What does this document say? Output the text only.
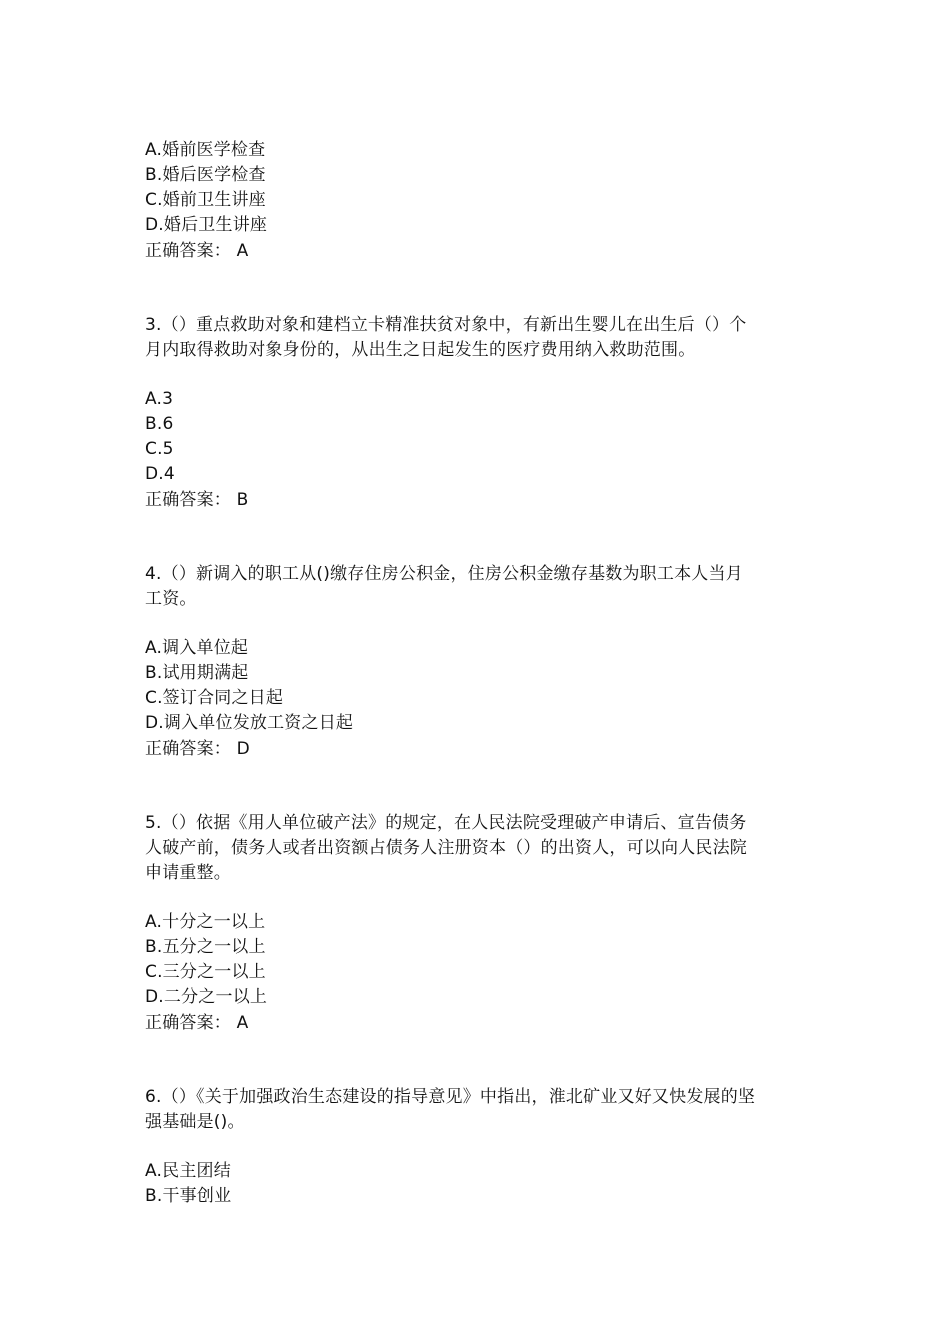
A.婚前医学检查
B.婚后医学检查
C.婚前卫生讲座
D.婚后卫生讲座
正确答案： A
3.（）重点救助对象和建档立卡精准扶贫对象中，有新出生婴儿在出生后（）个
月内取得救助对象身份的，从出生之日起发生的医疗费用纳入救助范围。
A.3
B.6
C.5
D.4
正确答案： B
4.（）新调入的职工从()缴存住房公积金，住房公积金缴存基数为职工本人当月
工资。
A.调入单位起
B.试用期满起
C.签订合同之日起
D.调入单位发放工资之日起
正确答案： D
5.（）依据《用人单位破产法》的规定，在人民法院受理破产申请后、宣告债务
人破产前，债务人或者出资额占债务人注册资本（）的出资人，可以向人民法院
申请重整。
A.十分之一以上
B.五分之一以上
C.三分之一以上
D.二分之一以上
正确答案： A
6.（）《关于加强政治生态建设的指导意见》中指出，淮北矿业又好又快发展的坚
强基础是()。
A.民主团结
B.干事创业
